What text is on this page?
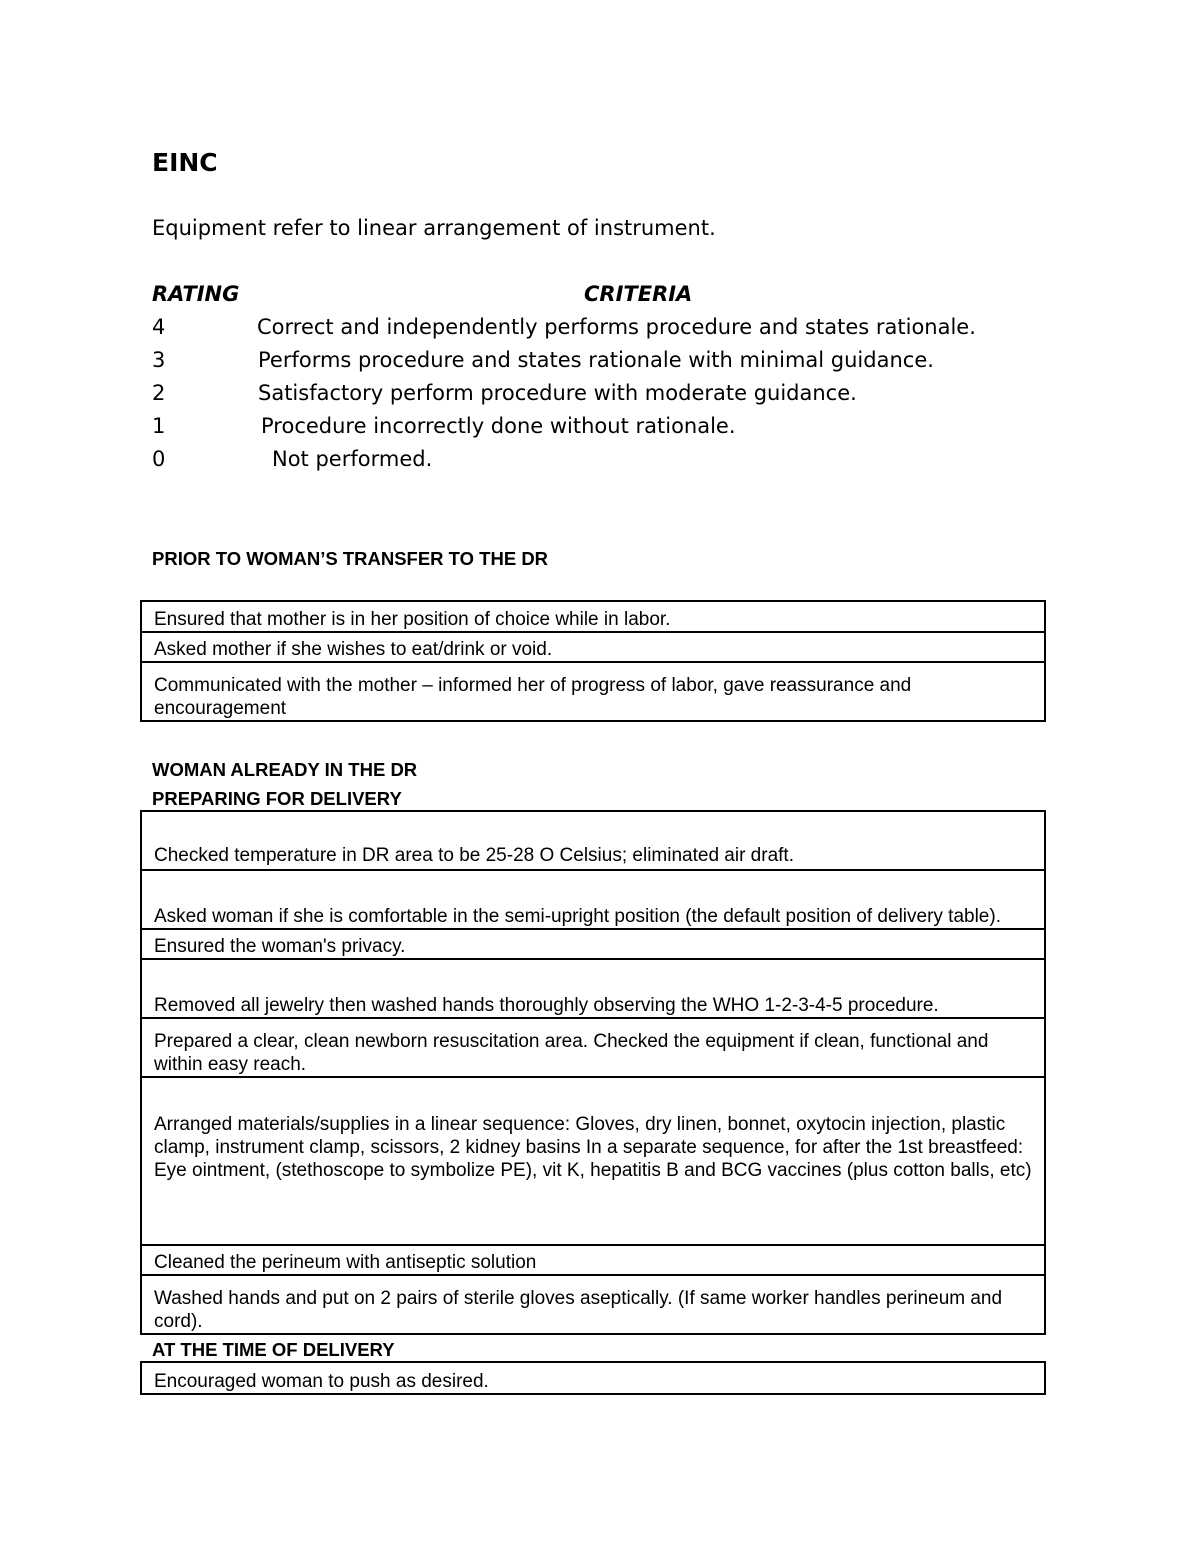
EINC
Equipment refer to linear arrangement of instrument.
RATING	CRITERIA
4	Correct and independently performs procedure and states rationale.
3	Performs procedure and states rationale with minimal guidance.
2	Satisfactory perform procedure with moderate guidance.
1	Procedure incorrectly done without rationale.
0	Not performed.
PRIOR TO WOMAN’S TRANSFER TO THE DR
Ensured that mother is in her position of choice while in labor.
Asked mother if she wishes to eat/drink or void.
Communicated with the mother – informed her of progress of labor, gave reassurance and encouragement
WOMAN ALREADY IN THE DR
PREPARING FOR DELIVERY
Checked temperature in DR area to be 25-28 O Celsius; eliminated air draft.
Asked woman if she is comfortable in the semi-upright position (the default position of delivery table).
Ensured the woman's privacy.
Removed all jewelry then washed hands thoroughly observing the WHO 1-2-3-4-5 procedure.
Prepared a clear, clean newborn resuscitation area. Checked the equipment if clean, functional and within easy reach.
Arranged materials/supplies in a linear sequence: Gloves, dry linen, bonnet, oxytocin injection, plastic clamp, instrument clamp, scissors, 2 kidney basins In a separate sequence, for after the 1st breastfeed: Eye ointment, (stethoscope to symbolize PE), vit K, hepatitis B and BCG vaccines (plus cotton balls, etc)
Cleaned the perineum with antiseptic solution
Washed hands and put on 2 pairs of sterile gloves aseptically. (If same worker handles perineum and cord).
AT THE TIME OF DELIVERY
Encouraged woman to push as desired.
